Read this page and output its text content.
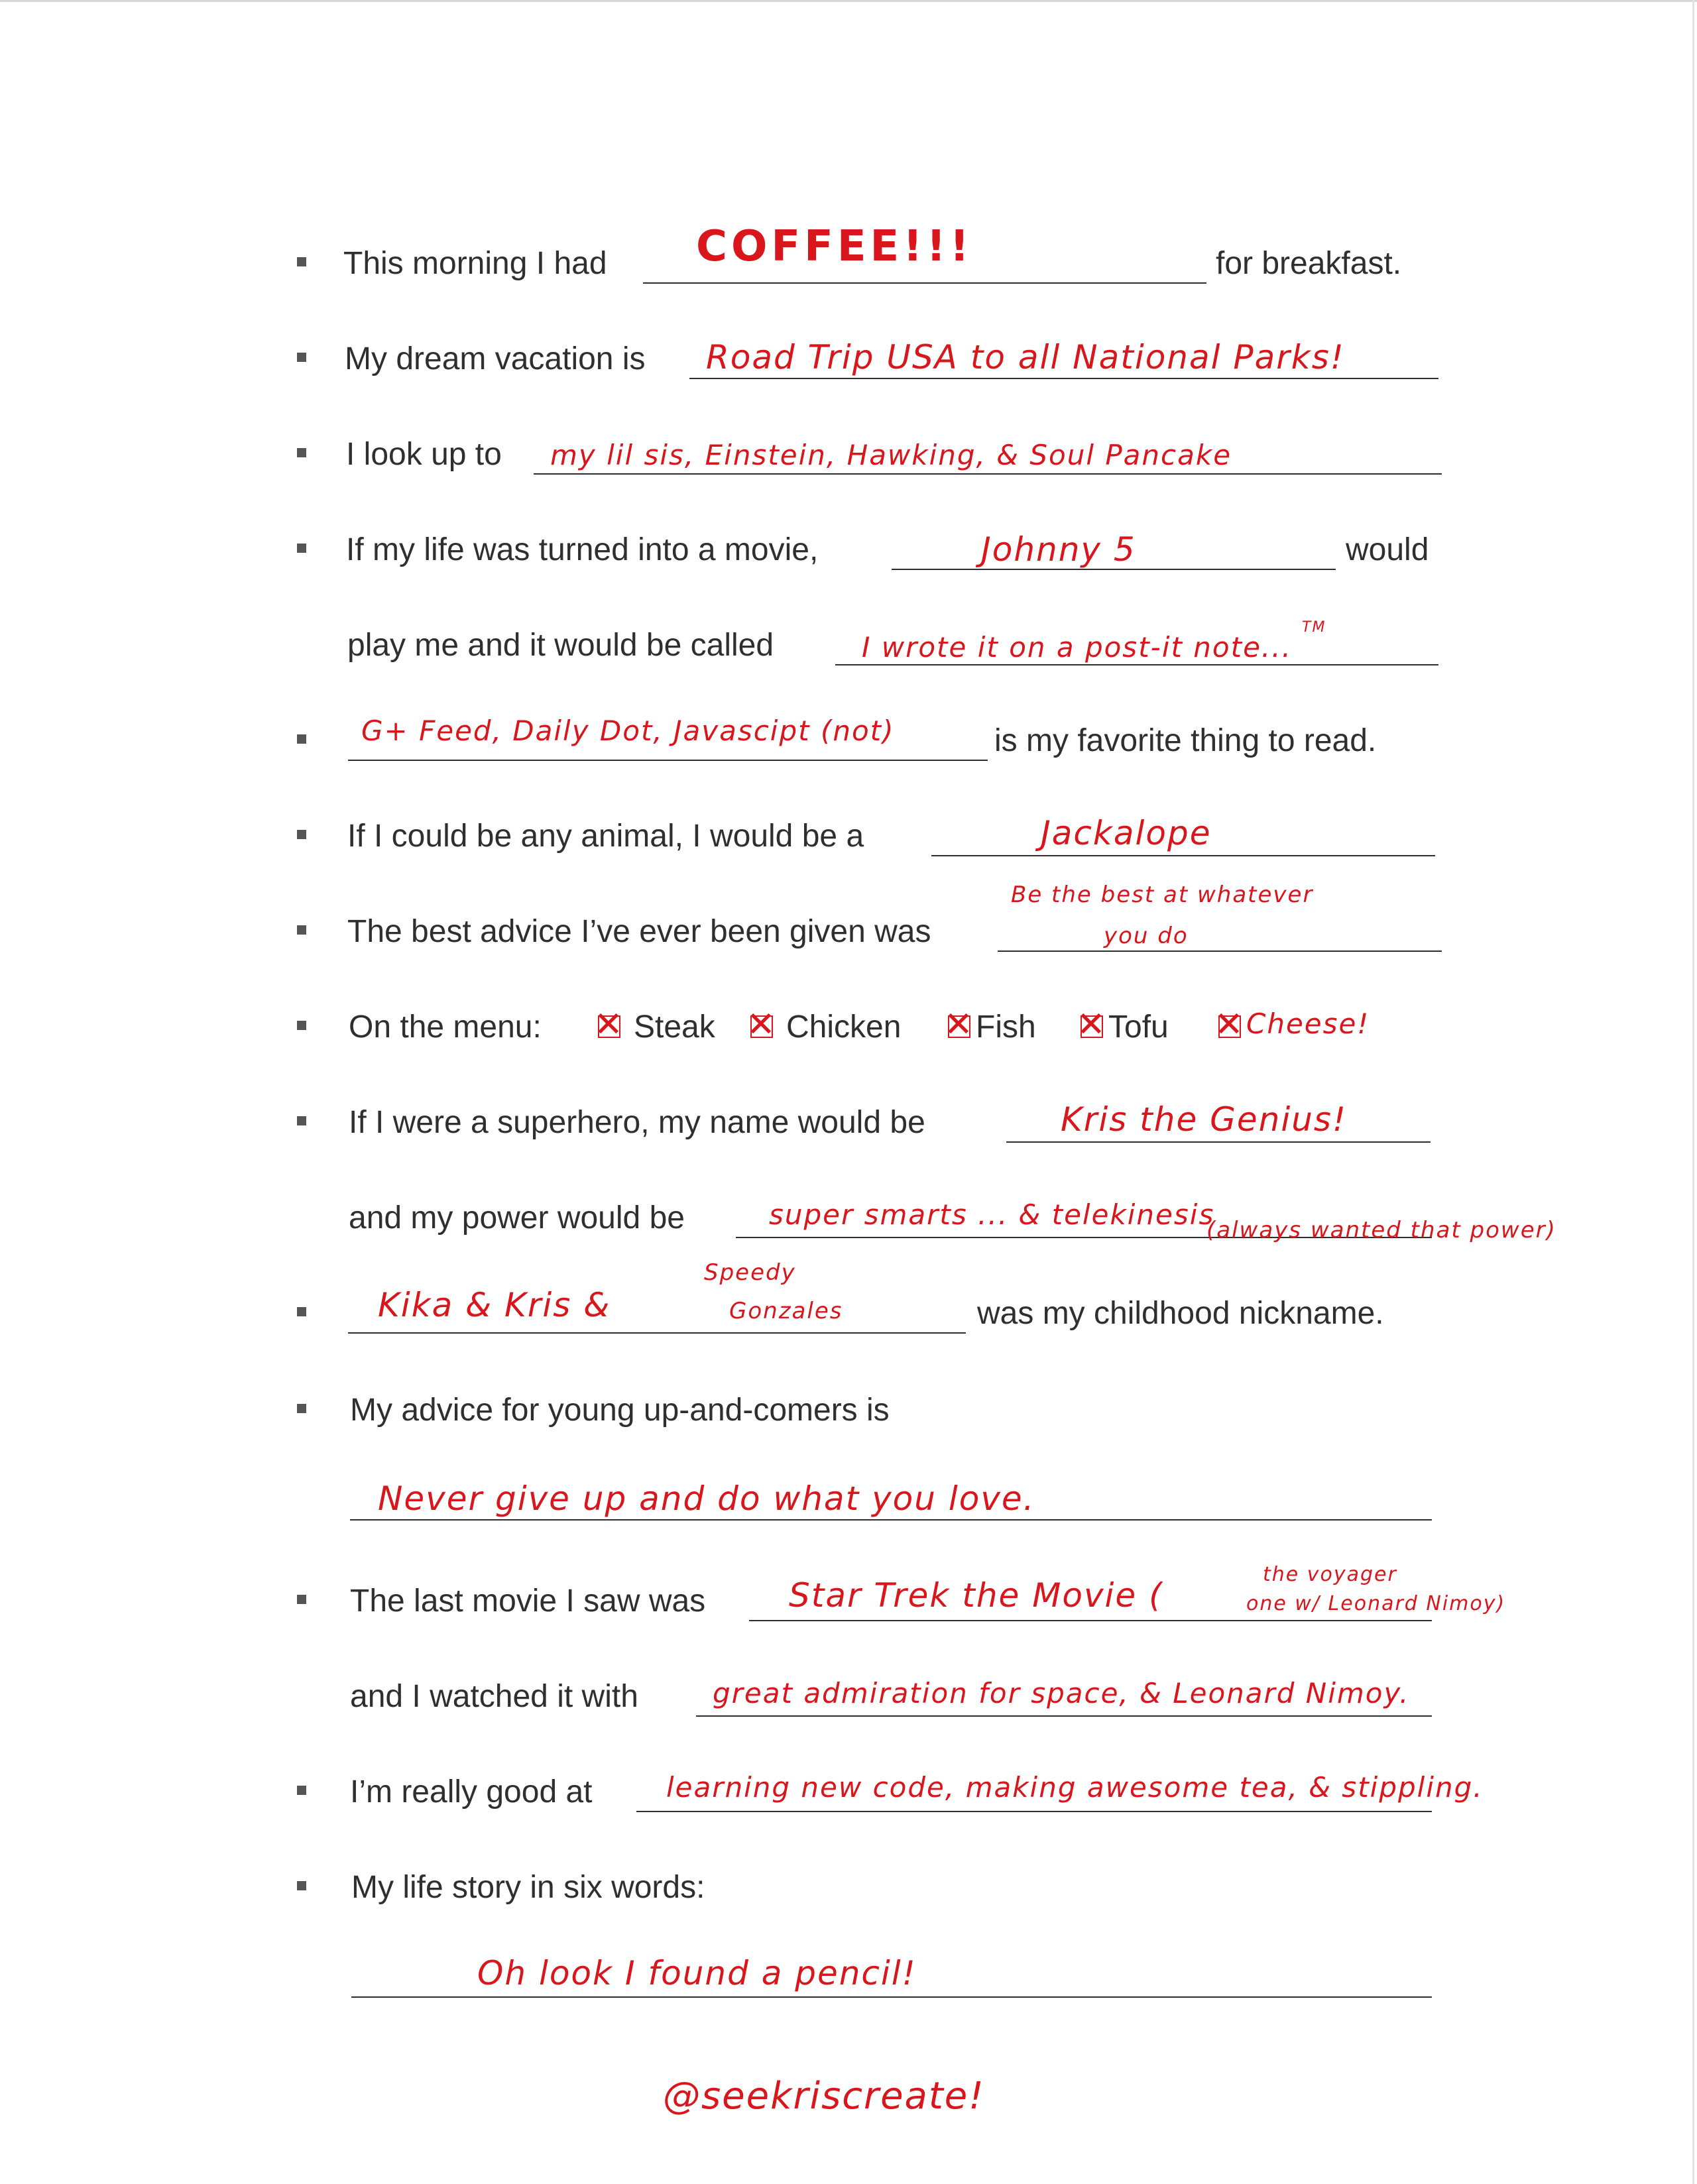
This morning I had COFFEE!!!	for breakfast.
My dream vacation is Road Trip USA to all National Parks!
I look up to my lil sis, Einstein, Hawking, & Soul Pancake
If my life was turned into a movie,	Johnny 5	would
play me and it would be called	I wrote it on a post-it note...
TM
G+ Feed, Daily Dot, Javascipt (not)	is my favorite thing to read.
If I could be any animal, I would be a	Jackalope
The best advice I’ve ever been given was
Be the best at whatever
you do
On the menu: ✕ Steak ✕ Chicken ✕ Fish ✕ Tofu ✕ Cheese!
If I were a superhero, my name would be	Kris the Genius!
and my power would be	super smarts ... & telekinesis
(always wanted that power)
Kika & Kris &
Speedy
Gonzales	was my childhood nickname.
My advice for young up-and-comers is
Never give up and do what you love.
The last movie I saw was	Star Trek the Movie (
the voyager
one w/ Leonard Nimoy)
and I watched it with	great admiration for space, & Leonard Nimoy.
I’m really good at	learning new code, making awesome tea, & stippling.
My life story in six words:
Oh look I found a pencil!
@seekriscreate!
